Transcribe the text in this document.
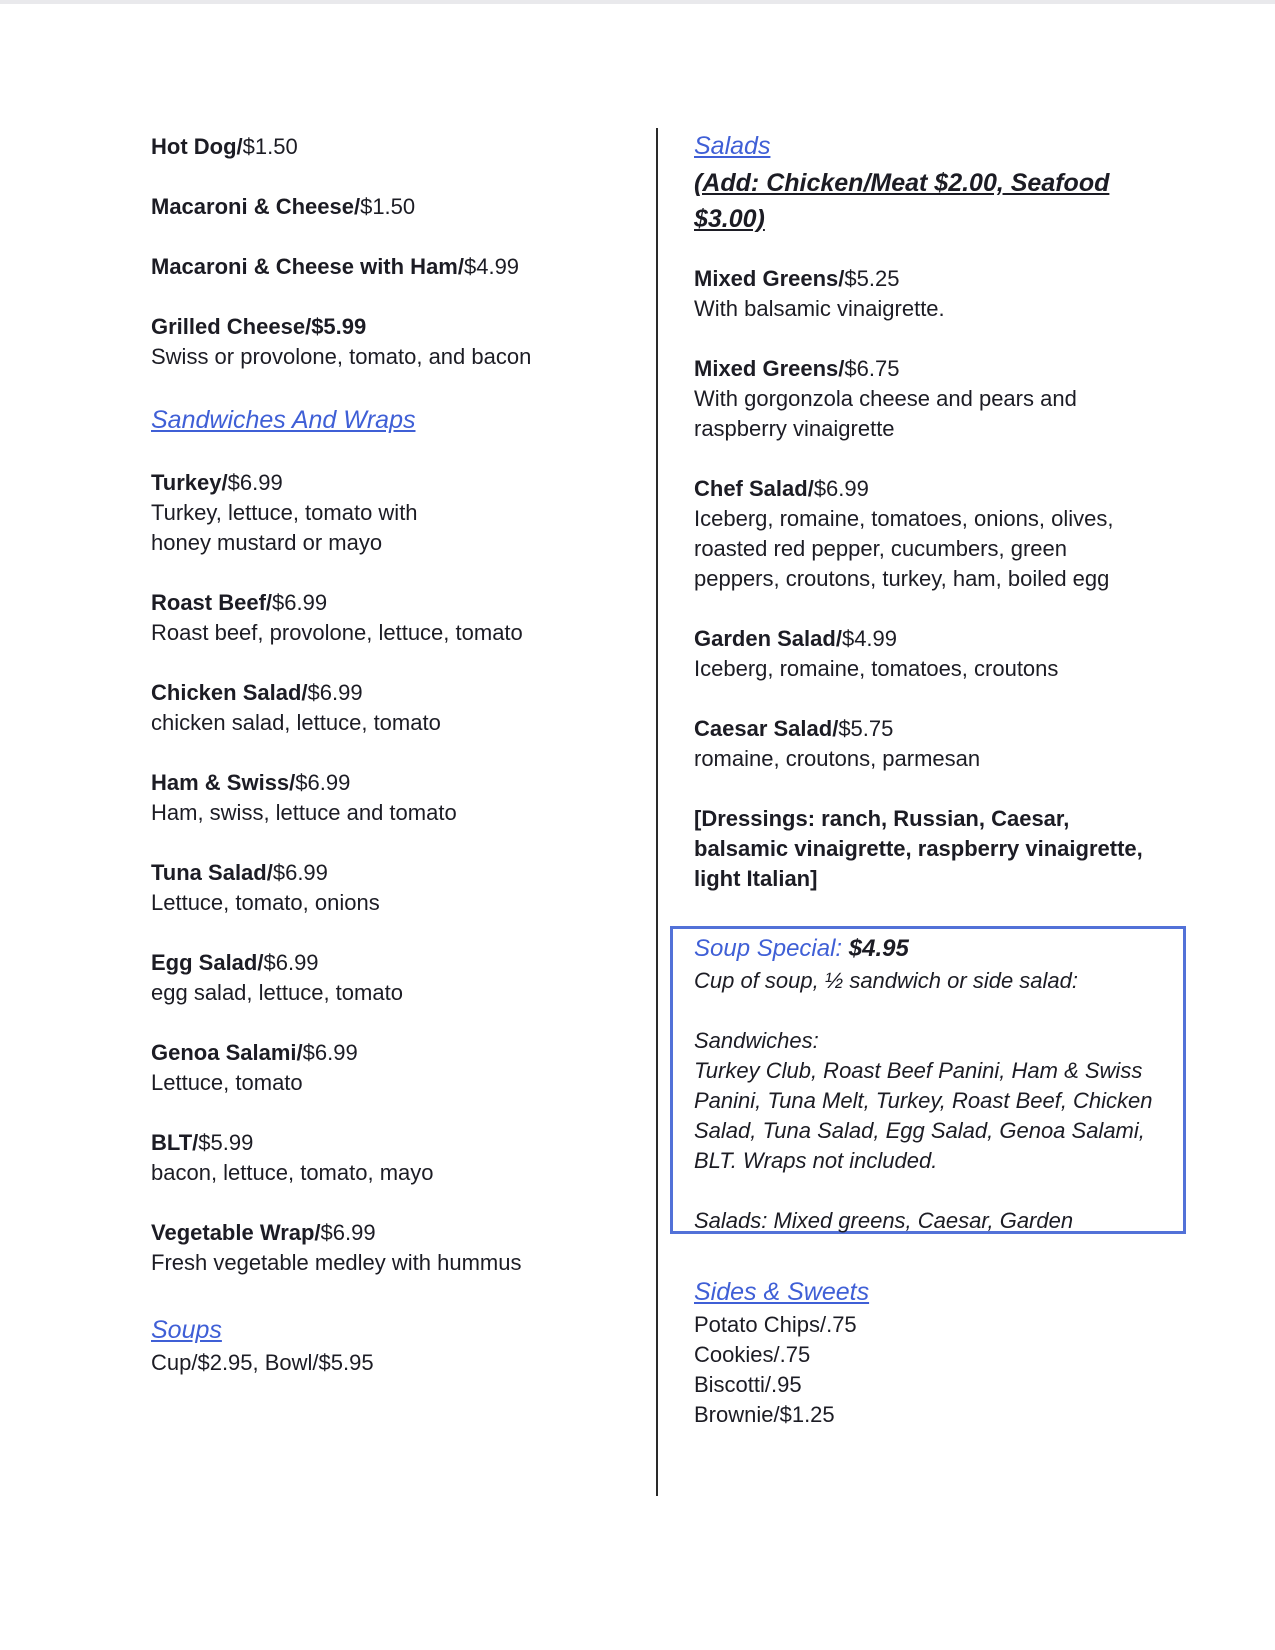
Hot Dog/$1.50
Macaroni & Cheese/$1.50
Macaroni & Cheese with Ham/$4.99
Grilled Cheese/$5.99
Swiss or provolone, tomato, and bacon
Sandwiches And Wraps
Turkey/$6.99
Turkey, lettuce, tomato with
honey mustard or mayo
Roast Beef/$6.99
Roast beef, provolone, lettuce, tomato
Chicken Salad/$6.99
chicken salad, lettuce, tomato
Ham & Swiss/$6.99
Ham, swiss, lettuce and tomato
Tuna Salad/$6.99
Lettuce, tomato, onions
Egg Salad/$6.99
egg salad, lettuce, tomato
Genoa Salami/$6.99
Lettuce, tomato
BLT/$5.99
bacon, lettuce, tomato, mayo
Vegetable Wrap/$6.99
Fresh vegetable medley with hummus
Soups
Cup/$2.95, Bowl/$5.95
Salads
(Add: Chicken/Meat $2.00, Seafood
$3.00)
Mixed Greens/$5.25
With balsamic vinaigrette.
Mixed Greens/$6.75
With gorgonzola cheese and pears and
raspberry vinaigrette
Chef Salad/$6.99
Iceberg, romaine, tomatoes, onions, olives,
roasted red pepper, cucumbers, green
peppers, croutons, turkey, ham, boiled egg
Garden Salad/$4.99
Iceberg, romaine, tomatoes, croutons
Caesar Salad/$5.75
romaine, croutons, parmesan
[Dressings: ranch, Russian, Caesar,
balsamic vinaigrette, raspberry vinaigrette,
light Italian]
Soup Special: $4.95
Cup of soup, ½ sandwich or side salad:
Sandwiches:
Turkey Club, Roast Beef Panini, Ham & Swiss
Panini, Tuna Melt, Turkey, Roast Beef, Chicken
Salad, Tuna Salad, Egg Salad, Genoa Salami,
BLT. Wraps not included.
Salads: Mixed greens, Caesar, Garden
Sides & Sweets
Potato Chips/.75
Cookies/.75
Biscotti/.95
Brownie/$1.25
